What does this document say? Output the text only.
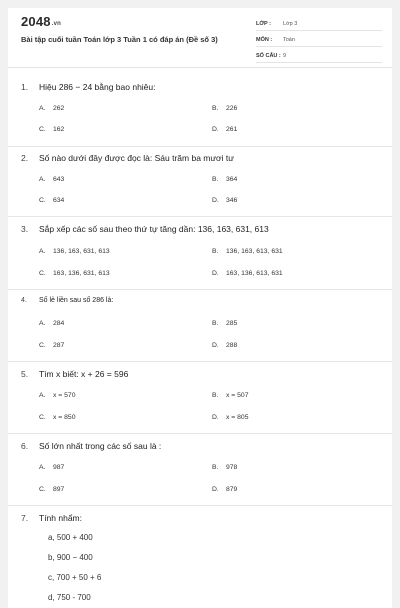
2048.vn
Bài tập cuối tuần Toán lớp 3 Tuần 1 có đáp án (Đề số 3)
LỚP :	Lớp 3
MÔN :	Toán
SỐ CÂU : 9
1.	Hiệu 286 − 24 bằng bao nhiêu:
A. 262	B. 226
C. 162	D. 261
2.	Số nào dưới đây được đọc là: Sáu trăm ba mươi tư
A. 643	B. 364
C. 634	D. 346
3.	Sắp xếp các số sau theo thứ tự tăng dần: 136, 163, 631, 613
A. 136, 163, 631, 613	B. 136, 163, 613, 631
C. 163, 136, 631, 613	D. 163, 136, 613, 631
4.	Số lẻ liền sau số 286 là:
A. 284	B. 285
C. 287	D. 288
5.	Tìm x biết: x + 26 = 596
A. x = 570	B. x = 507
C. x = 850	D. x = 805
6.	Số lớn nhất trong các số sau là :
A. 987	B. 978
C. 897	D. 879
7.	Tính nhẩm:
a, 500 + 400
b, 900 − 400
c, 700 + 50 + 6
d, 750 - 700
